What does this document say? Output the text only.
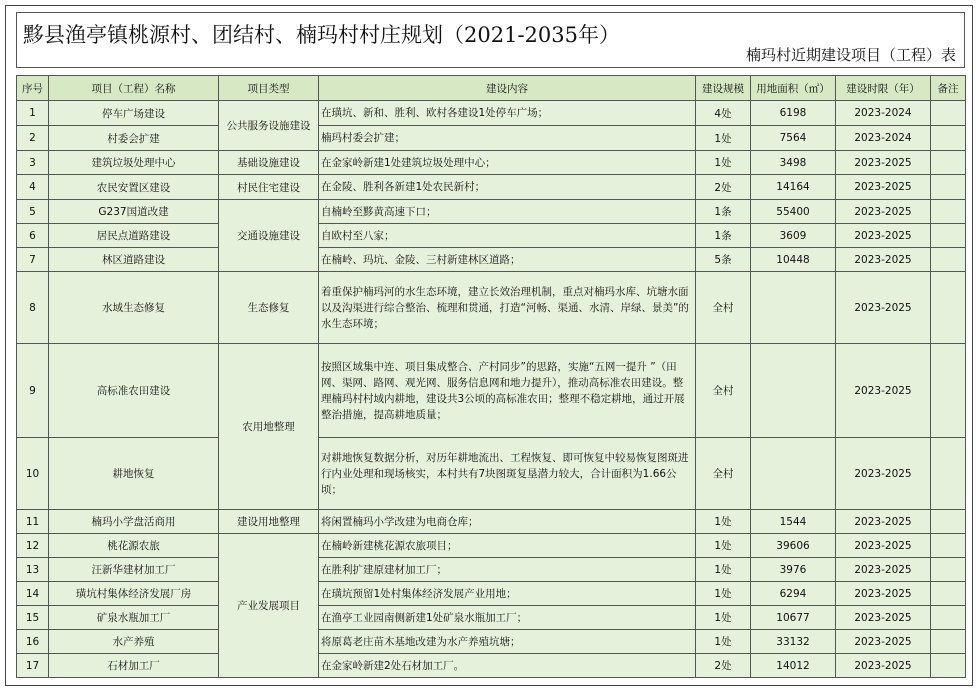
黟县渔亭镇桃源村、团结村、楠玛村村庄规划（2021-2035年）
楠玛村近期建设项目（工程）表
序号	项目（工程）名称	项目类型	建设内容	建设规模	用地面积（㎡）	建设时限（年）	备注
1	停车广场建设	公共服务设施建设	在璜坑、新和、胜利、欧村各建设1处停车广场；	4处	6198	2023-2024	
2	村委会扩建		楠玛村委会扩建；	1处	7564	2023-2024	
3	建筑垃圾处理中心	基础设施建设	在金家岭新建1处建筑垃圾处理中心；	1处	3498	2023-2025	
4	农民安置区建设	村民住宅建设	在金陵、胜利各新建1处农民新村；	2处	14164	2023-2025	
5	G237国道改建	交通设施建设	自楠岭至黟黄高速下口；	1条	55400	2023-2025	
6	居民点道路建设		自欧村至八家；	1条	3609	2023-2025	
7	林区道路建设		在楠岭、玛坑、金陵、三村新建林区道路；	5条	10448	2023-2025	
8	水域生态修复	生态修复	着重保护楠玛河的水生态环境，建立长效治理机制，重点对楠玛水库、坑塘水面以及沟渠进行综合整治、梳理和贯通，打造“河畅、渠通、水清、岸绿、景美”的水生态环境；	全村		2023-2025	
9	高标准农田建设	农用地整理	按照区域集中连、项目集成整合、产村同步”的思路，实施“五网一提升 ”（田网、渠网、路网、观光网、服务信息网和地力提升），推动高标准农田建设。整理楠玛村村域内耕地，建设共3公顷的高标准农田；整理不稳定耕地，通过开展整治措施，提高耕地质量；	全村		2023-2025	
10	耕地恢复		对耕地恢复数据分析，对历年耕地流出、工程恢复、即可恢复中较易恢复图斑进行内业处理和现场核实，本村共有7块图斑复垦潜力较大，合计面积为1.66公顷；	全村		2023-2025	
11	楠玛小学盘活商用	建设用地整理	将闲置楠玛小学改建为电商仓库；	1处	1544	2023-2025	
12	桃花源农旅	产业发展项目	在楠岭新建桃花源农旅项目；	1处	39606	2023-2025	
13	汪新华建材加工厂		在胜利扩建原建材加工厂；	1处	3976	2023-2025	
14	璜坑村集体经济发展厂房		在璜坑预留1处村集体经济发展产业用地；	1处	6294	2023-2025	
15	矿泉水瓶加工厂		在渔亭工业园南侧新建1处矿泉水瓶加工厂；	1处	10677	2023-2025	
16	水产养殖		将原葛老庄苗木基地改建为水产养殖坑塘；	1处	33132	2023-2025	
17	石材加工厂		在金家岭新建2处石材加工厂。	2处	14012	2023-2025	
